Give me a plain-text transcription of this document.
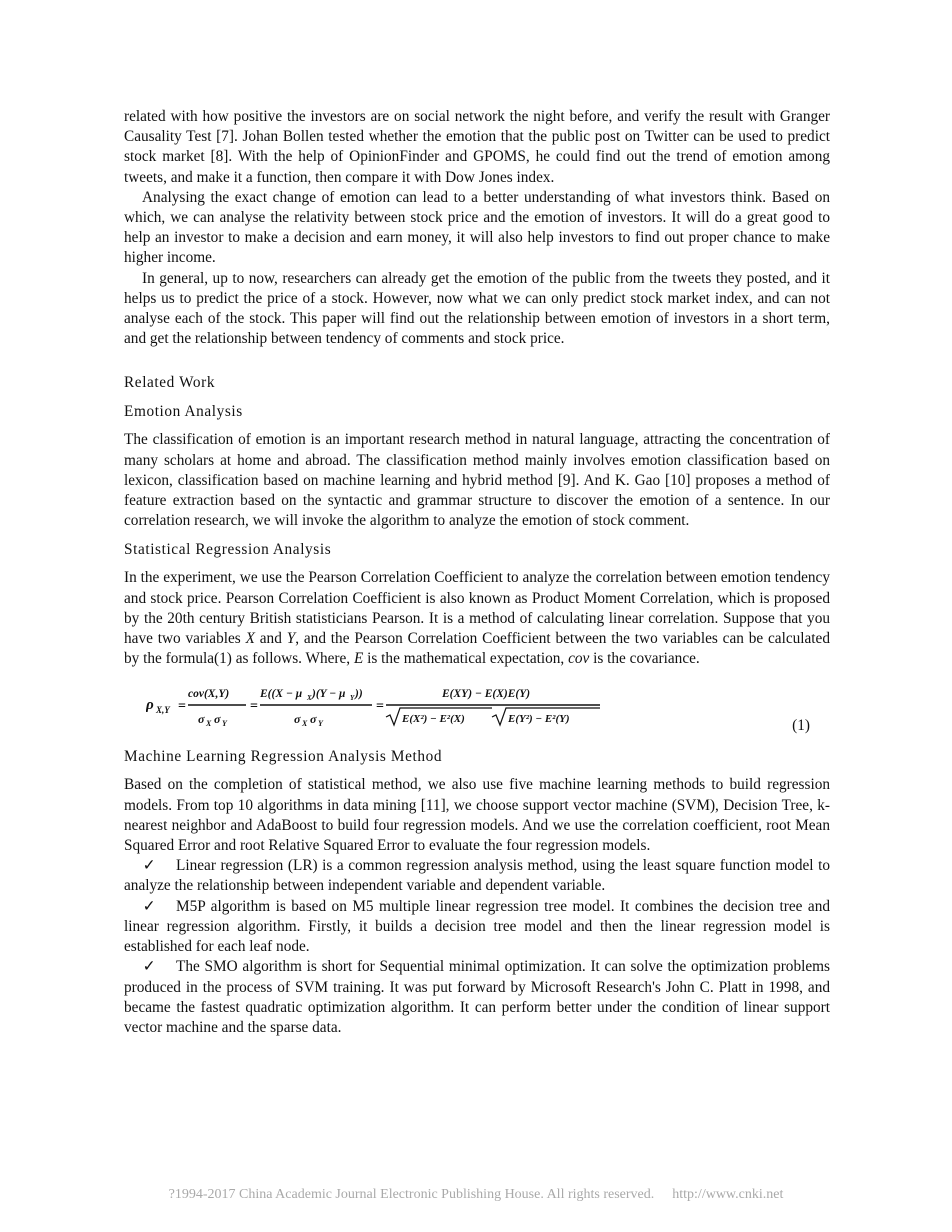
related with how positive the investors are on social network the night before, and verify the result with Granger Causality Test [7]. Johan Bollen tested whether the emotion that the public post on Twitter can be used to predict stock market [8]. With the help of OpinionFinder and GPOMS, he could find out the trend of emotion among tweets, and make it a function, then compare it with Dow Jones index.

Analysing the exact change of emotion can lead to a better understanding of what investors think. Based on which, we can analyse the relativity between stock price and the emotion of investors. It will do a great good to help an investor to make a decision and earn money, it will also help investors to find out proper chance to make higher income.

In general, up to now, researchers can already get the emotion of the public from the tweets they posted, and it helps us to predict the price of a stock. However, now what we can only predict stock market index, and can not analyse each of the stock. This paper will find out the relationship between emotion of investors in a short term, and get the relationship between tendency of comments and stock price.

Related Work

Emotion Analysis

The classification of emotion is an important research method in natural language, attracting the concentration of many scholars at home and abroad. The classification method mainly involves emotion classification based on lexicon, classification based on machine learning and hybrid method [9]. And K. Gao [10] proposes a method of feature extraction based on the syntactic and grammar structure to discover the emotion of a sentence. In our correlation research, we will invoke the algorithm to analyze the emotion of stock comment.

Statistical Regression Analysis

In the experiment, we use the Pearson Correlation Coefficient to analyze the correlation between emotion tendency and stock price. Pearson Correlation Coefficient is also known as Product Moment Correlation, which is proposed by the 20th century British statisticians Pearson. It is a method of calculating linear correlation. Suppose that you have two variables X and Y, and the Pearson Correlation Coefficient between the two variables can be calculated by the formula(1) as follows. Where, E is the mathematical expectation, cov is the covariance.

ρ X,Y =
cov(X,Y)
σ X σ Y
=
E((X − μ X )(Y − μ Y ))
σ X σ Y
=
E(XY) − E(X)E(Y)
E(X²) − E²(X)	E(Y²) − E²(Y)	(1)

Machine Learning Regression Analysis Method

Based on the completion of statistical method, we also use five machine learning methods to build regression models. From top 10 algorithms in data mining [11], we choose support vector machine (SVM), Decision Tree, k-nearest neighbor and AdaBoost to build four regression models. And we use the correlation coefficient, root Mean Squared Error and root Relative Squared Error to evaluate the four regression models.

✓ Linear regression (LR) is a common regression analysis method, using the least square function model to analyze the relationship between independent variable and dependent variable.

✓ M5P algorithm is based on M5 multiple linear regression tree model. It combines the decision tree and linear regression algorithm. Firstly, it builds a decision tree model and then the linear regression model is established for each leaf node.

✓ The SMO algorithm is short for Sequential minimal optimization. It can solve the optimization problems produced in the process of SVM training. It was put forward by Microsoft Research's John C. Platt in 1998, and became the fastest quadratic optimization algorithm. It can perform better under the condition of linear support vector machine and the sparse data.

?1994-2017 China Academic Journal Electronic Publishing House. All rights reserved. http://www.cnki.net
